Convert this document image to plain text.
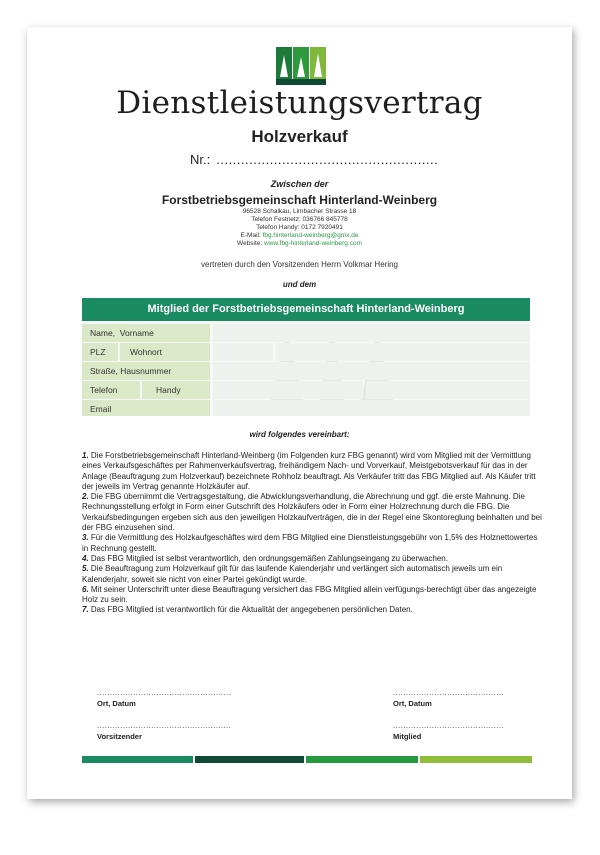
Dienstleistungsvertrag
Holzverkauf
Nr.: ......................................................
Zwischen der
Forstbetriebsgemeinschaft Hinterland-Weinberg
96528 Schalkau, Limbacher Strasse 18
Telefon Festnetz: 036766 845778
Telefon Handy: 0172 7920491
E-Mail: fbg.hinterland-weinberg@gmx.de
Website: www.fbg-hinterland-weinberg.com
vertreten durch den Vorsitzenden Herrn Volkmar Hering
und dem
Mitglied der Forstbetriebsgemeinschaft Hinterland-Weinberg
Name, Vorname
PLZ	Wohnort
Straße, Hausnummer
Telefon	Handy
Email
wird folgendes vereinbart:

1. Die Forstbetriebsgemeinschaft Hinterland-Weinberg (im Folgenden kurz FBG genannt) wird vom Mitglied mit der Vermittlung eines Verkaufsgeschäftes per Rahmenverkaufsvertrag, freihändigem Nach- und Vorverkauf, Meistgebotsverkauf für das in der Anlage (Beauftragung zum Holzverkauf) bezeichnete Rohholz beauftragt. Als Verkäufer tritt das FBG Mitglied auf. Als Käufer tritt der jeweils im Vertrag genannte Holzkäufer auf.

2. Die FBG übernimmt die Vertragsgestaltung, die Abwicklungsverhandlung, die Abrechnung und ggf. die erste Mahnung. Die Rechnungsstellung erfolgt in Form einer Gutschrift des Holzkäufers oder in Form einer Holzrechnung durch die FBG. Die Verkaufsbedingungen ergeben sich aus den jeweiligen Holzkaufverträgen, die in der Regel eine Skontoreglung beinhalten und bei der FBG einzusehen sind.

3. Für die Vermittlung des Holzkaufgeschäftes wird dem FBG Mitglied eine Dienstleistungsgebühr von 1,5% des Holznettowertes in Rechnung gestellt.

4. Das FBG Mitglied ist selbst verantwortlich, den ordnungsgemäßen Zahlungseingang zu überwachen.

5. Die Beauftragung zum Holzverkauf gilt für das laufende Kalenderjahr und verlängert sich automatisch jeweils um ein Kalenderjahr, soweit sie nicht von einer Partei gekündigt wurde.

6. Mit seiner Unterschrift unter diese Beauftragung versichert das FBG Mitglied allein verfügungs-berechtigt über das angezeigte Holz zu sein.

7. Das FBG Mitglied ist verantwortlich für die Aktualität der angegebenen persönlichen Daten.

....................................................
Ort, Datum
...........................................
Ort, Datum
....................................................
Vorsitzender
...........................................
Mitglied
